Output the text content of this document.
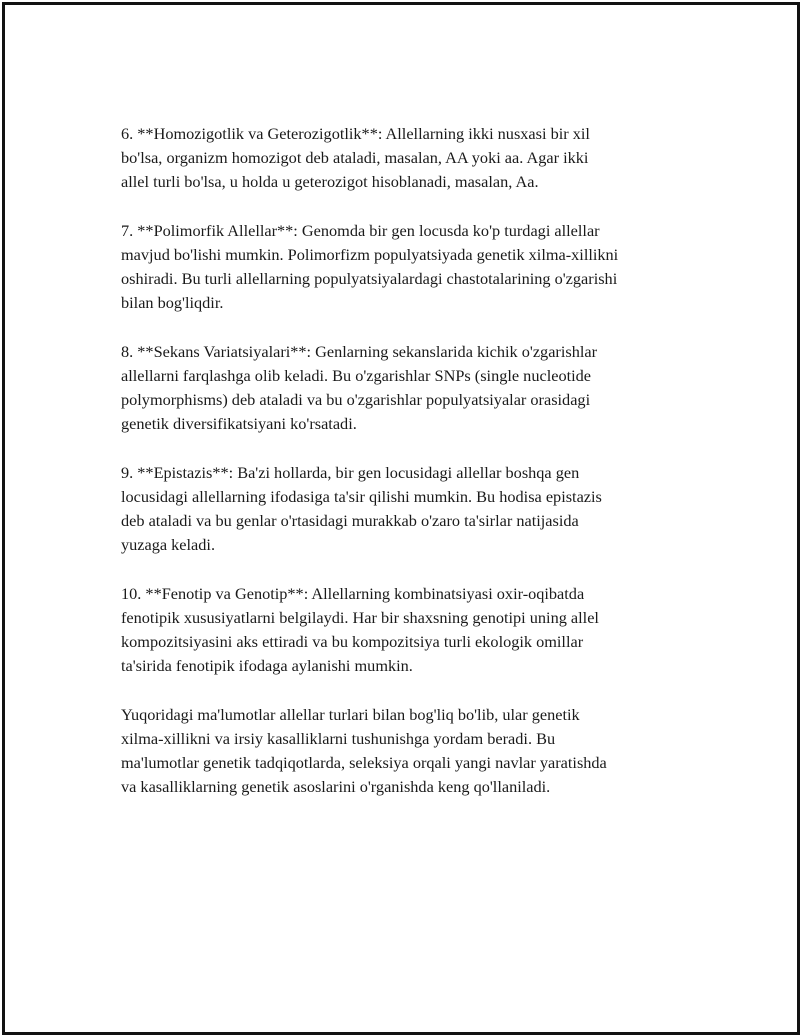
6. **Homozigotlik va Geterozigotlik**: Allellarning ikki nusxasi bir xil
bo'lsa, organizm homozigot deb ataladi, masalan, AA yoki aa. Agar ikki
allel turli bo'lsa, u holda u geterozigot hisoblanadi, masalan, Aa.

7. **Polimorfik Allellar**: Genomda bir gen locusda ko'p turdagi allellar
mavjud bo'lishi mumkin. Polimorfizm populyatsiyada genetik xilma-xillikni
oshiradi. Bu turli allellarning populyatsiyalardagi chastotalarining o'zgarishi
bilan bog'liqdir.

8. **Sekans Variatsiyalari**: Genlarning sekanslarida kichik o'zgarishlar
allellarni farqlashga olib keladi. Bu o'zgarishlar SNPs (single nucleotide
polymorphisms) deb ataladi va bu o'zgarishlar populyatsiyalar orasidagi
genetik diversifikatsiyani ko'rsatadi.

9. **Epistazis**: Ba'zi hollarda, bir gen locusidagi allellar boshqa gen
locusidagi allellarning ifodasiga ta'sir qilishi mumkin. Bu hodisa epistazis
deb ataladi va bu genlar o'rtasidagi murakkab o'zaro ta'sirlar natijasida
yuzaga keladi.

10. **Fenotip va Genotip**: Allellarning kombinatsiyasi oxir-oqibatda
fenotipik xususiyatlarni belgilaydi. Har bir shaxsning genotipi uning allel
kompozitsiyasini aks ettiradi va bu kompozitsiya turli ekologik omillar
ta'sirida fenotipik ifodaga aylanishi mumkin.

Yuqoridagi ma'lumotlar allellar turlari bilan bog'liq bo'lib, ular genetik
xilma-xillikni va irsiy kasalliklarni tushunishga yordam beradi. Bu
ma'lumotlar genetik tadqiqotlarda, seleksiya orqali yangi navlar yaratishda
va kasalliklarning genetik asoslarini o'rganishda keng qo'llaniladi.
